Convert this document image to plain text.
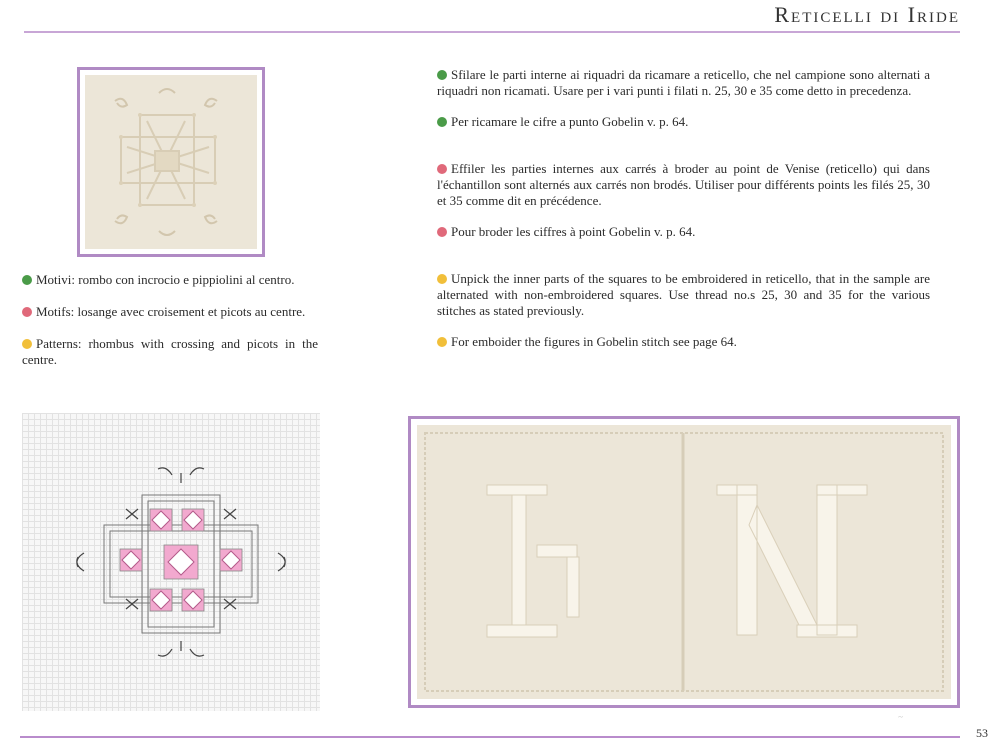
Reticelli di Iride
Motivi: rombo con incrocio e pippiolini al centro.
Motifs: losange avec croisement et picots au centre.
Patterns: rhombus with crossing and picots in the centre.
Sfilare le parti interne ai riquadri da ricamare a reticello, che nel campione sono alternati a riquadri non ricamati. Usare per i vari punti i filati n. 25, 30 e 35 come detto in precedenza.
Per ricamare le cifre a punto Gobelin v. p. 64.
Effiler les parties internes aux carrés à broder au point de Venise (reticello) qui dans l'échantillon sont alternés aux carrés non brodés. Utiliser pour différents points les filés 25, 30 et 35 comme dit en précédence.
Pour broder les ciffres à point Gobelin v. p. 64.
Unpick the inner parts of the squares to be embroidered in reticello, that in the sample are alternated with non-embroidered squares. Use thread no.s 25, 30 and 35 for the various stitches as stated previously.
For emboider the figures in Gobelin stitch see page 64.
~
53
